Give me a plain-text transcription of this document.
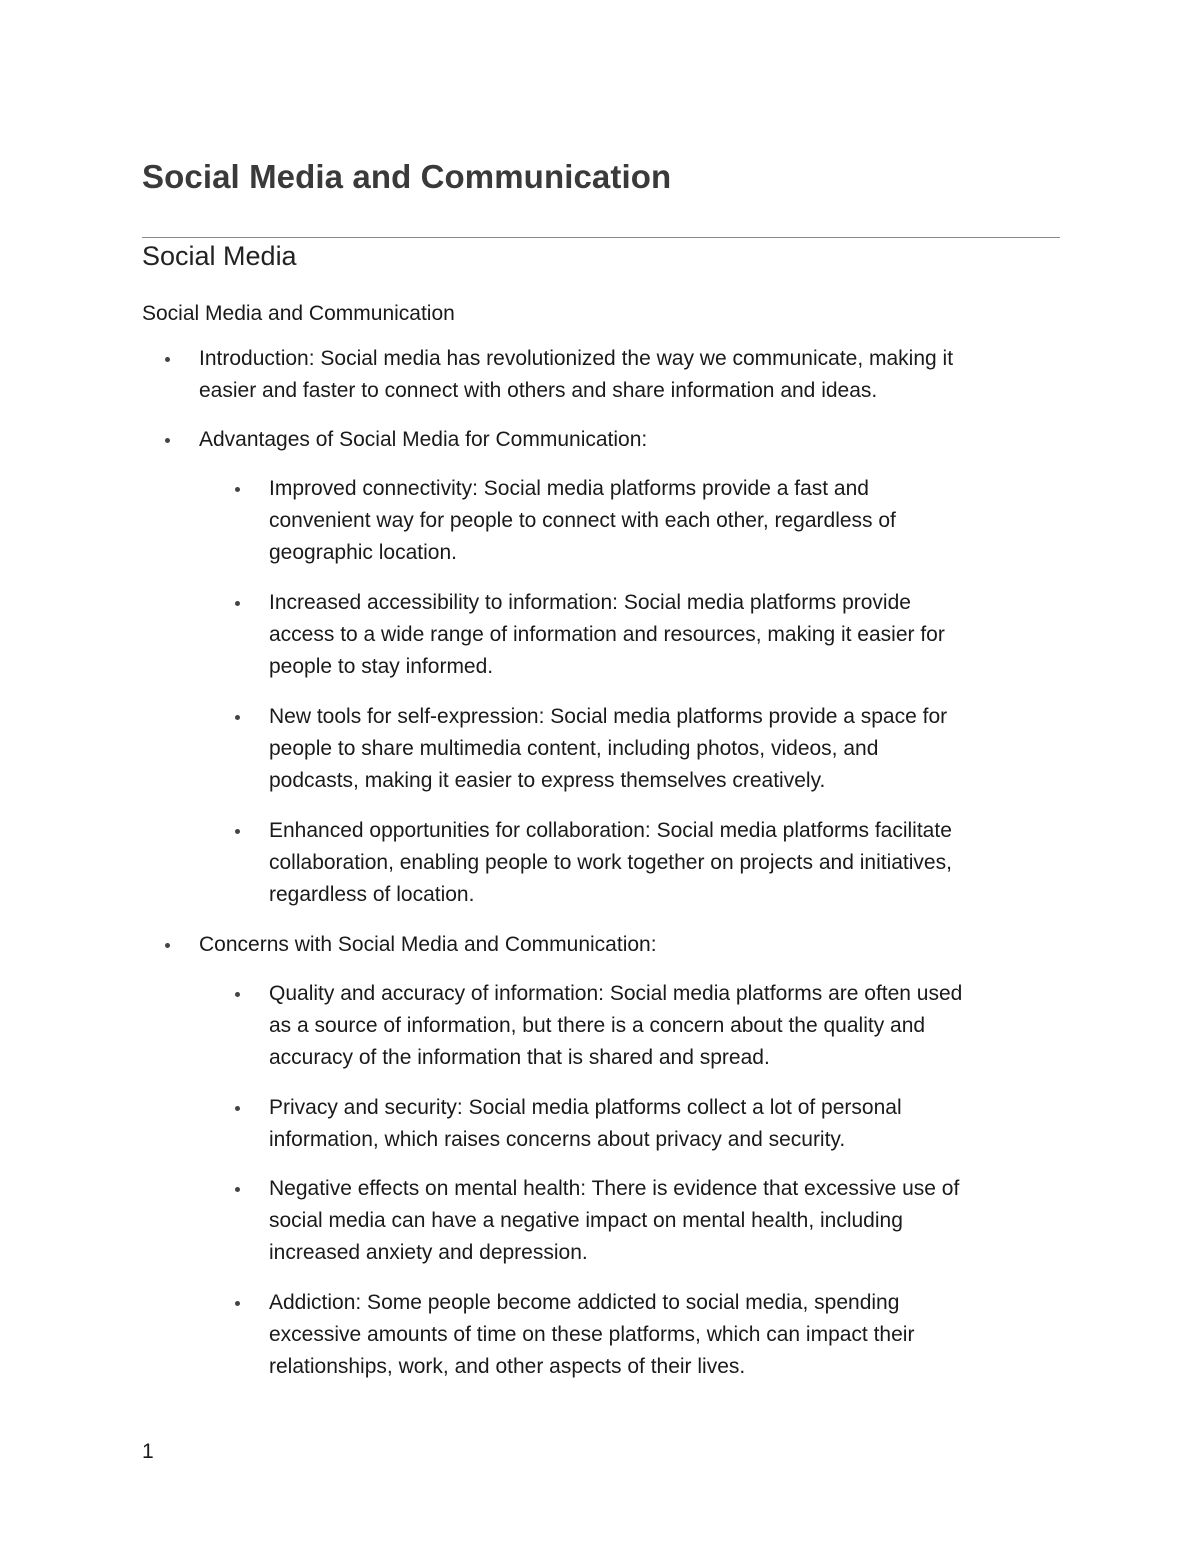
Social Media and Communication
Social Media

Social Media and Communication

Introduction: Social media has revolutionized the way we communicate, making it
easier and faster to connect with others and share information and ideas.
Advantages of Social Media for Communication:
Improved connectivity: Social media platforms provide a fast and
convenient way for people to connect with each other, regardless of
geographic location.
Increased accessibility to information: Social media platforms provide
access to a wide range of information and resources, making it easier for
people to stay informed.
New tools for self-expression: Social media platforms provide a space for
people to share multimedia content, including photos, videos, and
podcasts, making it easier to express themselves creatively.
Enhanced opportunities for collaboration: Social media platforms facilitate
collaboration, enabling people to work together on projects and initiatives,
regardless of location.
Concerns with Social Media and Communication:
Quality and accuracy of information: Social media platforms are often used
as a source of information, but there is a concern about the quality and
accuracy of the information that is shared and spread.
Privacy and security: Social media platforms collect a lot of personal
information, which raises concerns about privacy and security.
Negative effects on mental health: There is evidence that excessive use of
social media can have a negative impact on mental health, including
increased anxiety and depression.
Addiction: Some people become addicted to social media, spending
excessive amounts of time on these platforms, which can impact their
relationships, work, and other aspects of their lives.

1
